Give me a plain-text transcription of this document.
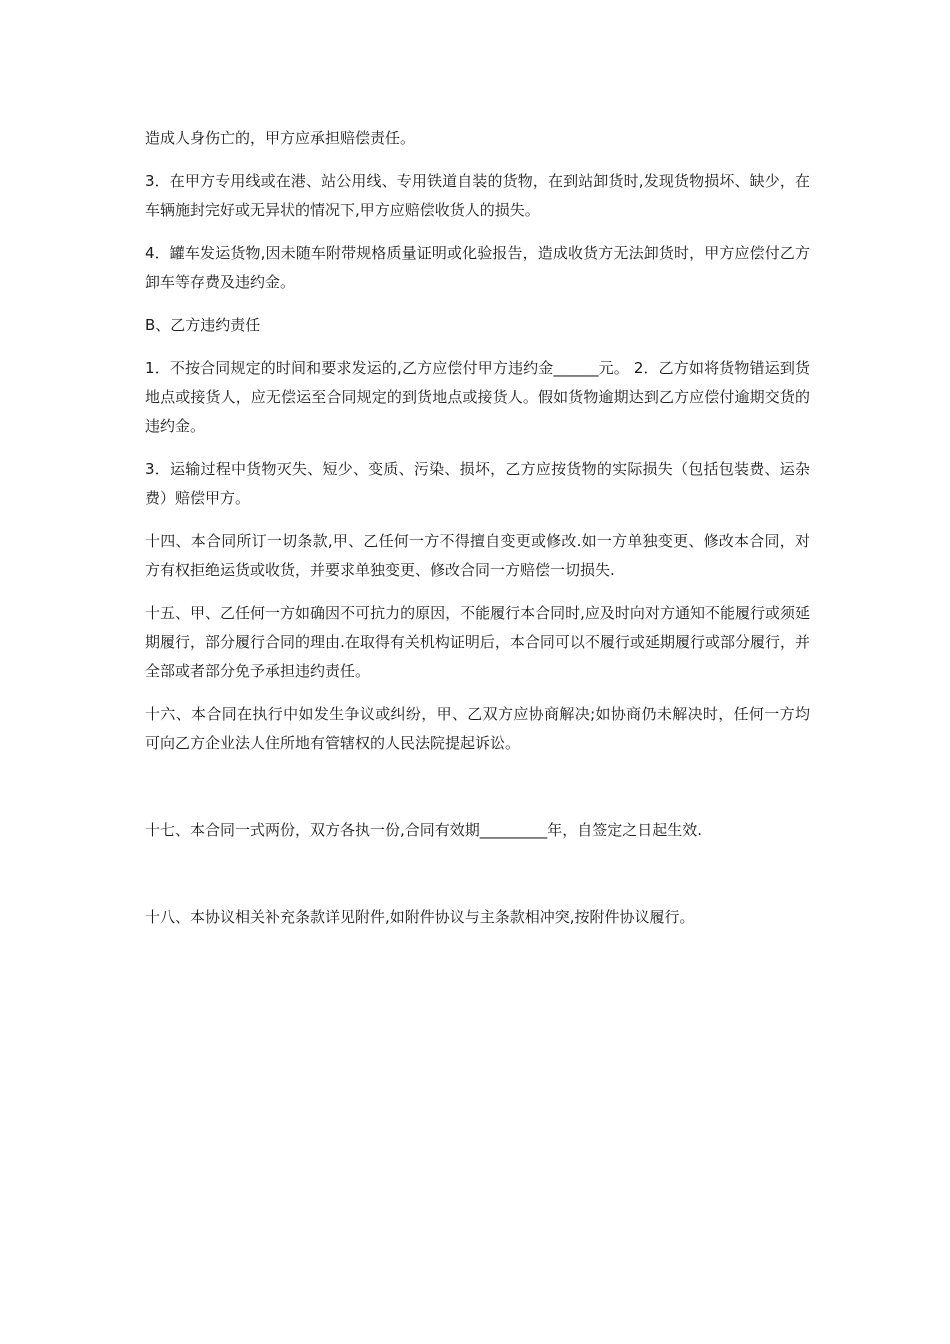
造成人身伤亡的，甲方应承担赔偿责任。

3．在甲方专用线或在港、站公用线、专用铁道自装的货物，在到站卸货时,发现货物损坏、缺少，在车辆施封完好或无异状的情况下,甲方应赔偿收货人的损失。

4．罐车发运货物,因未随车附带规格质量证明或化验报告，造成收货方无法卸货时，甲方应偿付乙方卸车等存费及违约金。

B、乙方违约责任

1．不按合同规定的时间和要求发运的,乙方应偿付甲方违约金______元。 2．乙方如将货物错运到货地点或接货人，应无偿运至合同规定的到货地点或接货人。假如货物逾期达到乙方应偿付逾期交货的违约金。

3．运输过程中货物灭失、短少、变质、污染、损坏，乙方应按货物的实际损失（包括包装费、运杂费）赔偿甲方。

十四、本合同所订一切条款,甲、乙任何一方不得擅自变更或修改.如一方单独变更、修改本合同，对方有权拒绝运货或收货，并要求单独变更、修改合同一方赔偿一切损失.

十五、甲、乙任何一方如确因不可抗力的原因，不能履行本合同时,应及时向对方通知不能履行或须延期履行，部分履行合同的理由.在取得有关机构证明后，本合同可以不履行或延期履行或部分履行，并全部或者部分免予承担违约责任。

十六、本合同在执行中如发生争议或纠纷，甲、乙双方应协商解决;如协商仍未解决时，任何一方均可向乙方企业法人住所地有管辖权的人民法院提起诉讼。

十七、本合同一式两份，双方各执一份,合同有效期_________年，自签定之日起生效.

十八、本协议相关补充条款详见附件,如附件协议与主条款相冲突,按附件协议履行。
